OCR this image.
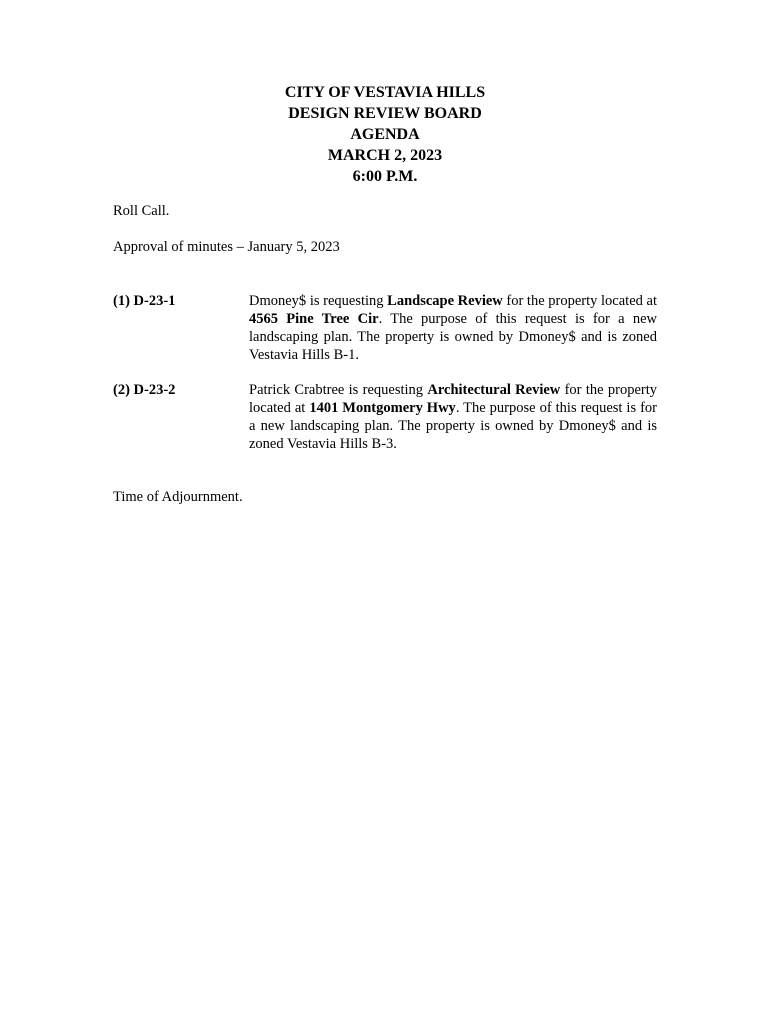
CITY OF VESTAVIA HILLS
DESIGN REVIEW BOARD
AGENDA
MARCH 2, 2023
6:00 P.M.
Roll Call.
Approval of minutes – January 5, 2023
(1) D-23-1	Dmoney$ is requesting Landscape Review for the property located at 4565 Pine Tree Cir. The purpose of this request is for a new landscaping plan. The property is owned by Dmoney$ and is zoned Vestavia Hills B-1.
(2) D-23-2	Patrick Crabtree is requesting Architectural Review for the property located at 1401 Montgomery Hwy. The purpose of this request is for a new landscaping plan. The property is owned by Dmoney$ and is zoned Vestavia Hills B-3.
Time of Adjournment.
